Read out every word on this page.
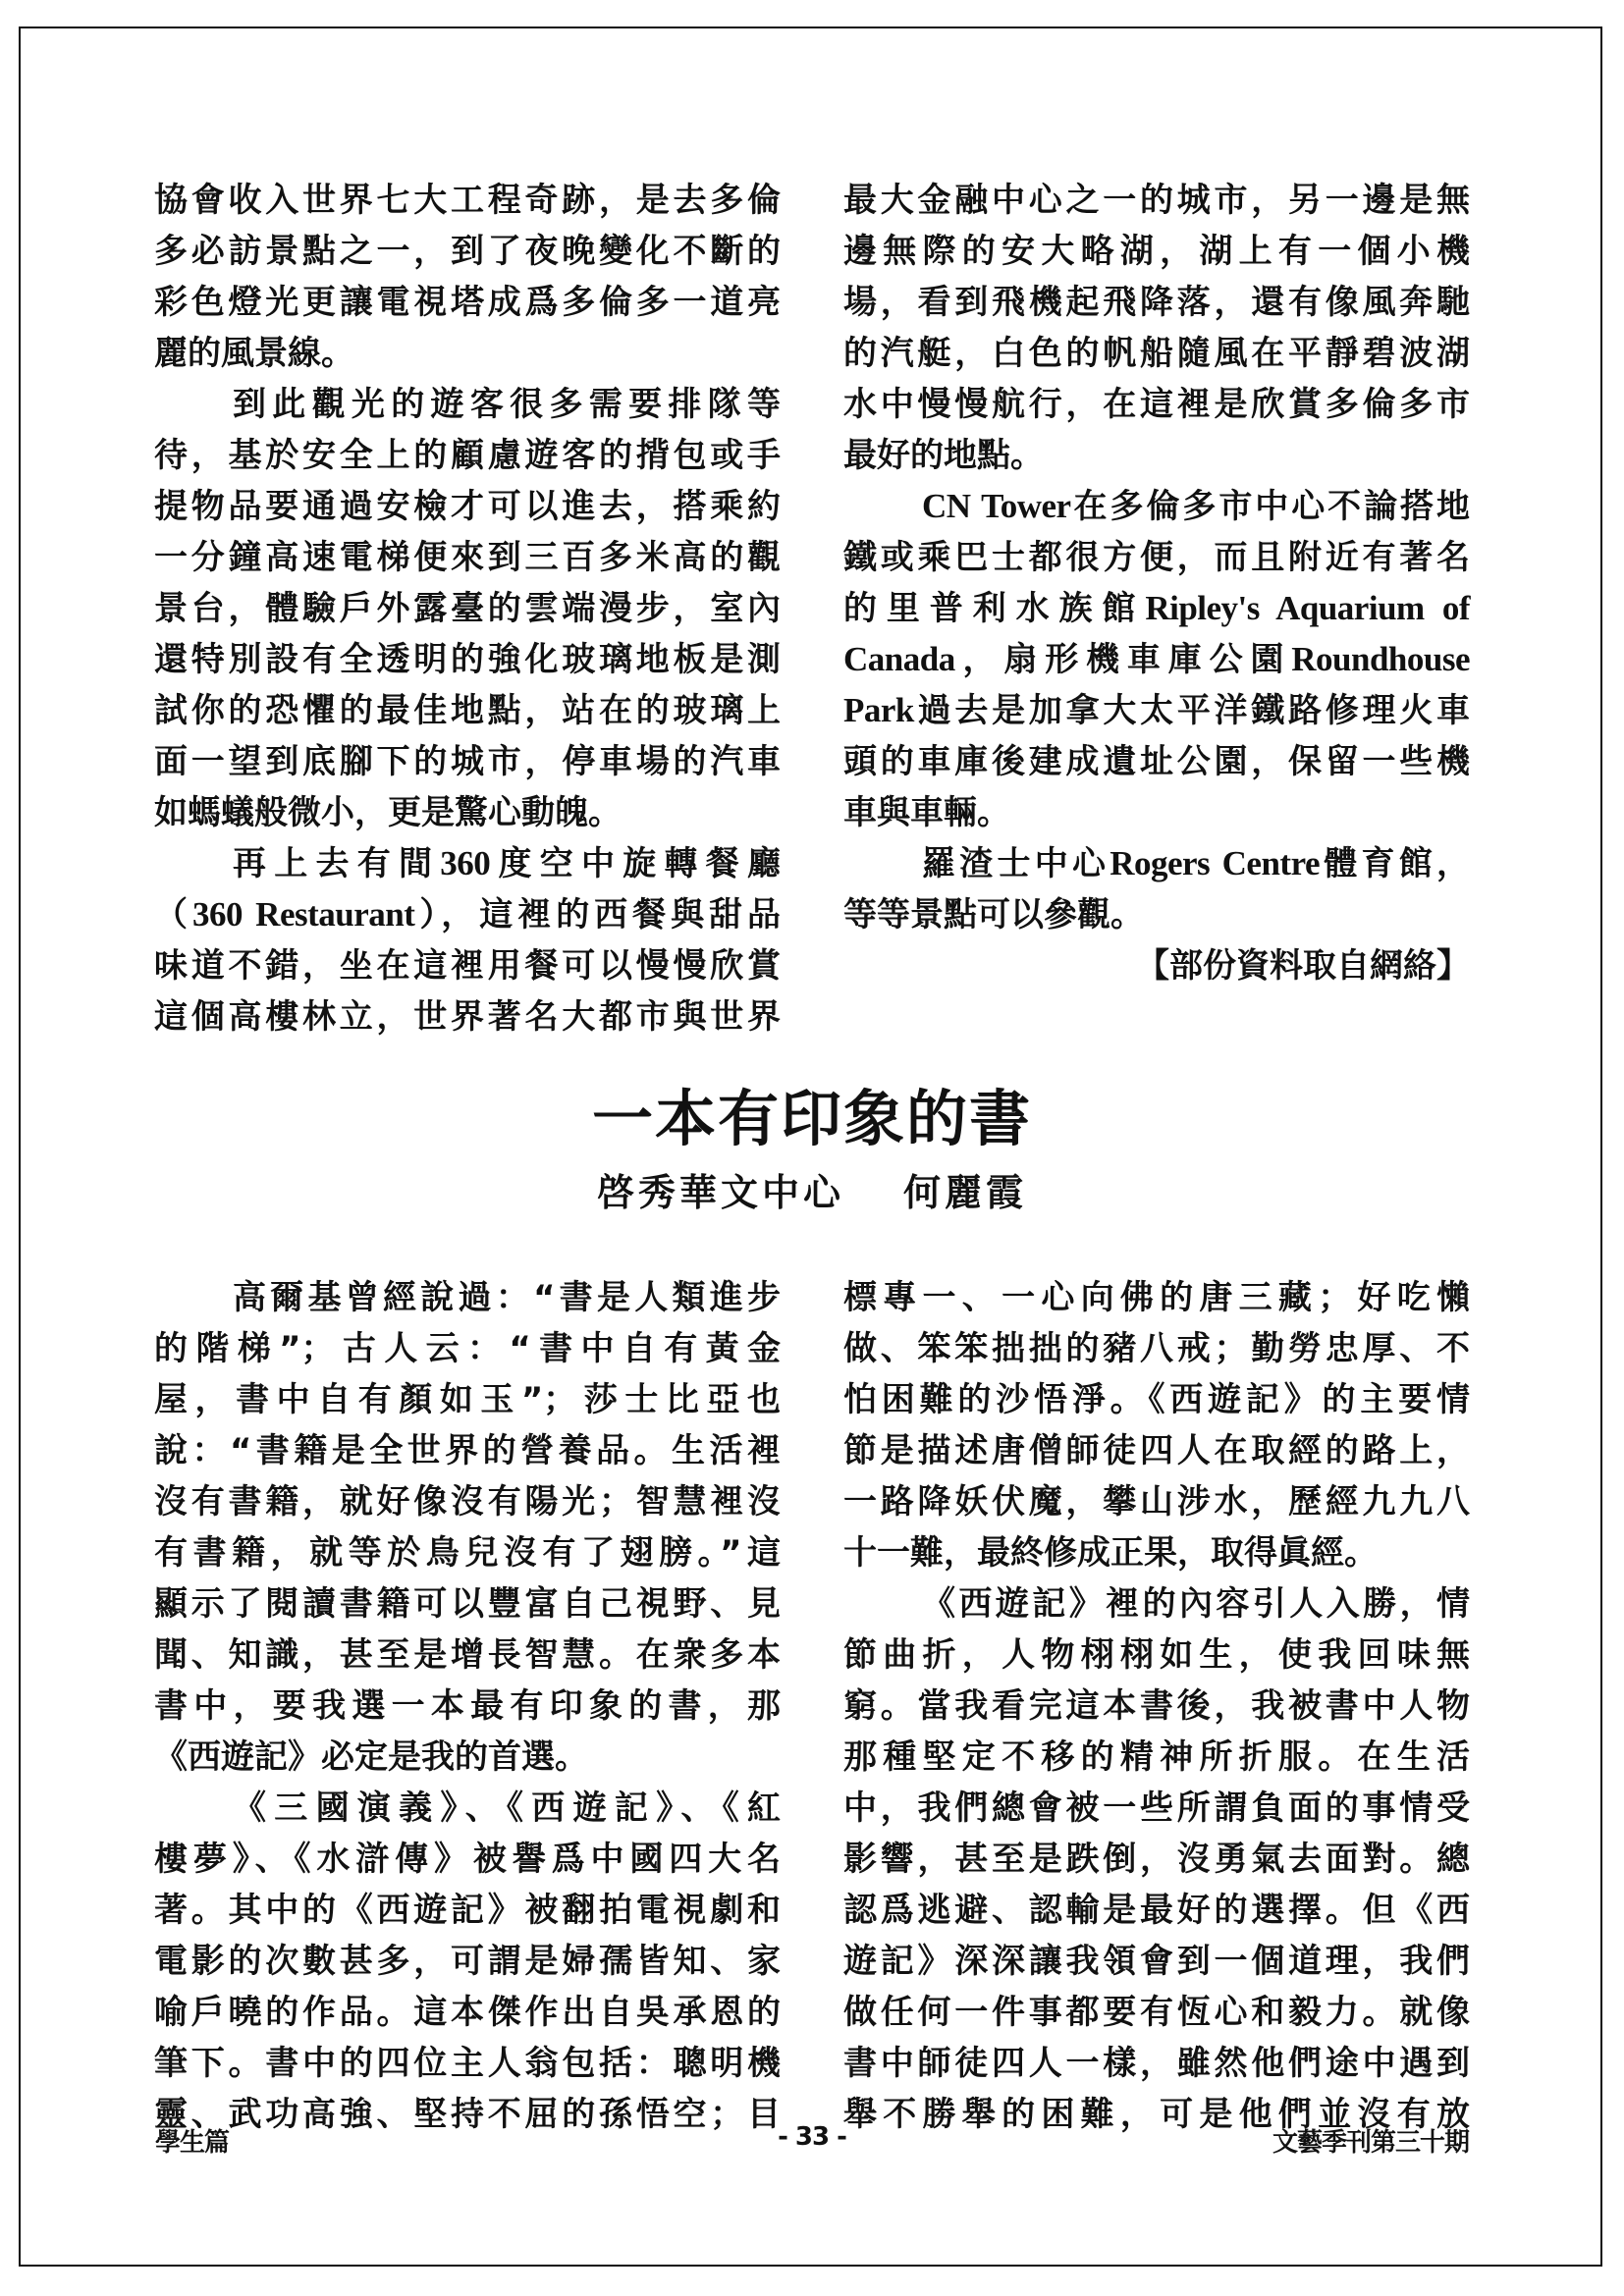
協會收入世界七大工程奇跡，是去多倫
多必訪景點之一，到了夜晚變化不斷的
彩色燈光更讓電視塔成爲多倫多一道亮
麗的風景線。
到此觀光的遊客很多需要排隊等
待，基於安全上的顧慮遊客的揹包或手
提物品要通過安檢才可以進去，搭乘約
一分鐘高速電梯便來到三百多米高的觀
景台，體驗戶外露臺的雲端漫步，室內
還特別設有全透明的強化玻璃地板是測
試你的恐懼的最佳地點，站在的玻璃上
面一望到底腳下的城市，停車場的汽車
如螞蟻般微小，更是驚心動魄。
再上去有間360度空中旋轉餐廳
（360 Restaurant），這裡的西餐與甜品
味道不錯，坐在這裡用餐可以慢慢欣賞
這個高樓林立，世界著名大都市與世界
最大金融中心之一的城市，另一邊是無
邊無際的安大略湖，湖上有一個小機
場，看到飛機起飛降落，還有像風奔馳
的汽艇，白色的帆船隨風在平靜碧波湖
水中慢慢航行，在這裡是欣賞多倫多市
最好的地點。
CN Tower在多倫多市中心不論搭地
鐵或乘巴士都很方便，而且附近有著名
的里普利水族館Ripley's Aquarium of
Canada，扇形機車庫公園Roundhouse
Park過去是加拿大太平洋鐵路修理火車
頭的車庫後建成遺址公園，保留一些機
車與車輛。
羅渣士中心Rogers Centre體育館，
等等景點可以參觀。
【部份資料取自網絡】
一本有印象的書
啓秀華文中心 何麗霞
高爾基曾經說過：“書是人類進步
的階梯”；古人云：“書中自有黃金
屋，書中自有顏如玉”；莎士比亞也
說：“書籍是全世界的營養品。生活裡
沒有書籍，就好像沒有陽光；智慧裡沒
有書籍，就等於鳥兒沒有了翅膀。”這
顯示了閱讀書籍可以豐富自己視野、見
聞、知識，甚至是增長智慧。在衆多本
書中，要我選一本最有印象的書，那
《西遊記》必定是我的首選。
《三國演義》、《西遊記》、《紅
樓夢》、《水滸傳》被譽爲中國四大名
著。其中的《西遊記》被翻拍電視劇和
電影的次數甚多，可謂是婦孺皆知、家
喻戶曉的作品。這本傑作出自吳承恩的
筆下。書中的四位主人翁包括：聰明機
靈、武功高強、堅持不屈的孫悟空；目
標專一、一心向佛的唐三藏；好吃懶
做、笨笨拙拙的豬八戒；勤勞忠厚、不
怕困難的沙悟淨。《西遊記》的主要情
節是描述唐僧師徒四人在取經的路上，
一路降妖伏魔，攀山涉水，歷經九九八
十一難，最終修成正果，取得眞經。
《西遊記》裡的內容引人入勝，情
節曲折，人物栩栩如生，使我回味無
窮。當我看完這本書後，我被書中人物
那種堅定不移的精神所折服。在生活
中，我們總會被一些所謂負面的事情受
影響，甚至是跌倒，沒勇氣去面對。總
認爲逃避、認輸是最好的選擇。但《西
遊記》深深讓我領會到一個道理，我們
做任何一件事都要有恆心和毅力。就像
書中師徒四人一樣，雖然他們途中遇到
舉不勝舉的困難，可是他們並沒有放
學生篇	- 33 -	文藝季刊第三十期
